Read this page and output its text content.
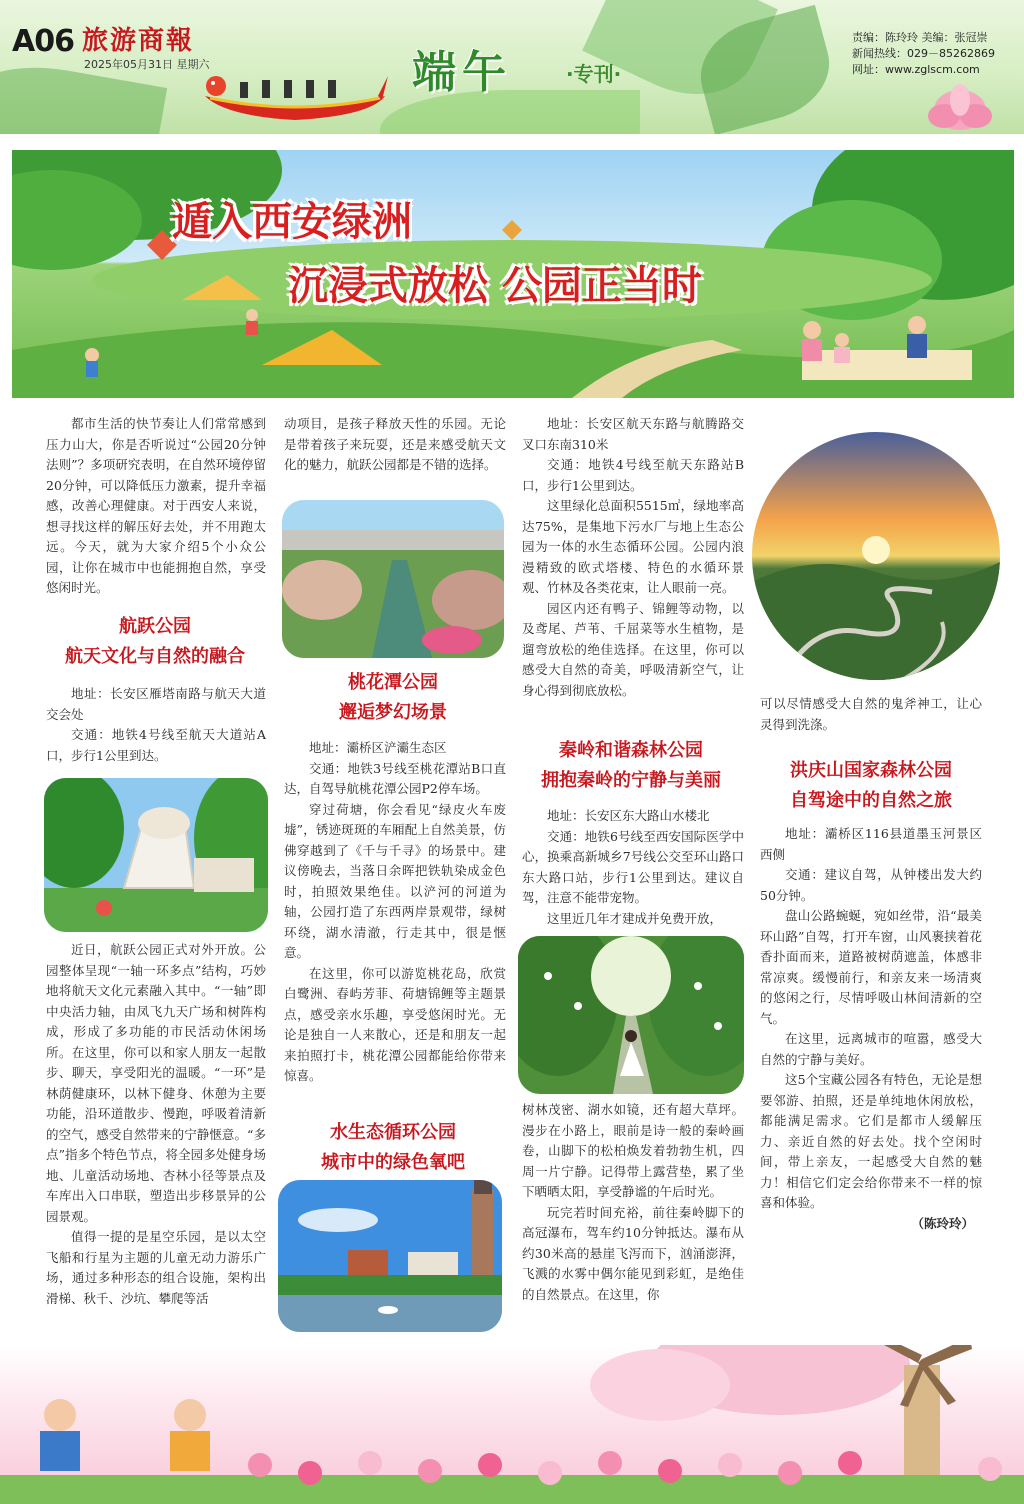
A06 旅游商報
2025年05月31日 星期六	端午	·专刊·
责编：陈玲玲 美编：张冠崇
新闻热线：029－85262869
网址：www.zglscm.com
遁入西安绿洲
沉浸式放松 公园正当时

都市生活的快节奏让人们常常感到压力山大，你是否听说过“公园20分钟法则”？多项研究表明，在自然环境停留20分钟，可以降低压力激素，提升幸福感，改善心理健康。对于西安人来说，想寻找这样的解压好去处，并不用跑太远。今天，就为大家介绍5个小众公园，让你在城市中也能拥抱自然，享受悠闲时光。

航跃公园
航天文化与自然的融合

地址：长安区雁塔南路与航天大道交会处

交通：地铁4号线至航天大道站A口，步行1公里到达。

近日，航跃公园正式对外开放。公园整体呈现“一轴一环多点”结构，巧妙地将航天文化元素融入其中。“一轴”即中央活力轴，由凤飞九天广场和树阵构成，形成了多功能的市民活动休闲场所。在这里，你可以和家人朋友一起散步、聊天，享受阳光的温暖。“一环”是林荫健康环，以林下健身、休憩为主要功能，沿环道散步、慢跑，呼吸着清新的空气，感受自然带来的宁静惬意。“多点”指多个特色节点，将全园多处健身场地、儿童活动场地、杏林小径等景点及车库出入口串联，塑造出步移景异的公园景观。

值得一提的是星空乐园，是以太空飞船和行星为主题的儿童无动力游乐广场，通过多种形态的组合设施，架构出滑梯、秋千、沙坑、攀爬等活

动项目，是孩子释放天性的乐园。无论是带着孩子来玩耍，还是来感受航天文化的魅力，航跃公园都是不错的选择。

桃花潭公园
邂逅梦幻场景

地址：灞桥区浐灞生态区

交通：地铁3号线至桃花潭站B口直达，自驾导航桃花潭公园P2停车场。

穿过荷塘，你会看见“绿皮火车废墟”，锈迹斑斑的车厢配上自然美景，仿佛穿越到了《千与千寻》的场景中。建议傍晚去，当落日余晖把铁轨染成金色时，拍照效果绝佳。以浐河的河道为轴，公园打造了东西两岸景观带，绿树环绕，湖水清澈，行走其中，很是惬意。

在这里，你可以游览桃花岛，欣赏白鹭洲、春屿芳菲、荷塘锦鲤等主题景点，感受亲水乐趣，享受悠闲时光。无论是独自一人来散心，还是和朋友一起来拍照打卡，桃花潭公园都能给你带来惊喜。

水生态循环公园
城市中的绿色氧吧

地址：长安区航天东路与航腾路交叉口东南310米

交通：地铁4号线至航天东路站B口，步行1公里到达。

这里绿化总面积5515㎡，绿地率高达75%，是集地下污水厂与地上生态公园为一体的水生态循环公园。公园内浪漫精致的欧式塔楼、特色的水循环景观、竹林及各类花束，让人眼前一亮。

园区内还有鸭子、锦鲤等动物，以及鸢尾、芦苇、千屈菜等水生植物，是遛弯放松的绝佳选择。在这里，你可以感受大自然的奇美，呼吸清新空气，让身心得到彻底放松。

秦岭和谐森林公园
拥抱秦岭的宁静与美丽

地址：长安区东大路山水楼北

交通：地铁6号线至西安国际医学中心，换乘高新城乡7号线公交至环山路口东大路口站，步行1公里到达。建议自驾，注意不能带宠物。

这里近几年才建成并免费开放，

树林茂密、湖水如镜，还有超大草坪。漫步在小路上，眼前是诗一般的秦岭画卷，山脚下的松柏焕发着勃勃生机，四周一片宁静。记得带上露营垫，累了坐下晒晒太阳，享受静谧的午后时光。

玩完若时间充裕，前往秦岭脚下的高冠瀑布，驾车约10分钟抵达。瀑布从约30米高的悬崖飞泻而下，汹涌澎湃，飞溅的水雾中偶尔能见到彩虹，是绝佳的自然景点。在这里，你

可以尽情感受大自然的鬼斧神工，让心灵得到洗涤。

洪庆山国家森林公园
自驾途中的自然之旅

地址：灞桥区116县道墨玉河景区西侧

交通：建议自驾，从钟楼出发大约50分钟。

盘山公路蜿蜒，宛如丝带，沿“最美环山路”自驾，打开车窗，山风裹挟着花香扑面而来，道路被树荫遮盖，体感非常凉爽。缓慢前行，和亲友来一场清爽的悠闲之行，尽情呼吸山林间清新的空气。

在这里，远离城市的喧嚣，感受大自然的宁静与美好。

这5个宝藏公园各有特色，无论是想要邻游、拍照，还是单纯地休闲放松，都能满足需求。它们是都市人缓解压力、亲近自然的好去处。找个空闲时间，带上亲友，一起感受大自然的魅力！相信它们定会给你带来不一样的惊喜和体验。

（陈玲玲）
